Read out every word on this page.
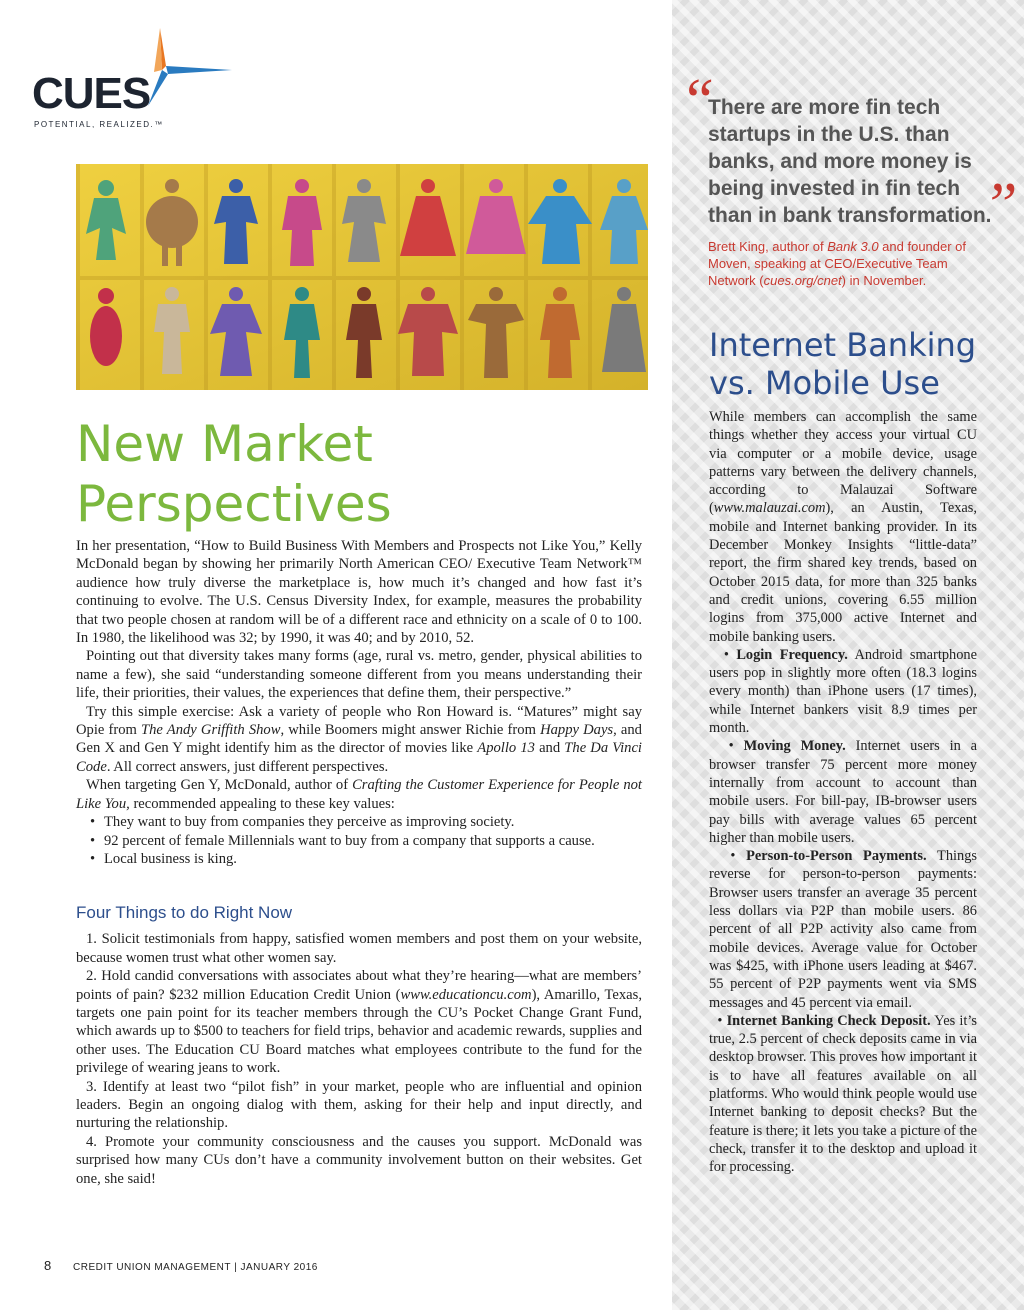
CUES
POTENTIAL, REALIZED.™
New Market
Perspectives

In her presentation, “How to Build Business With Members and Prospects not Like You,” Kelly McDonald began by showing her primarily North American CEO/ Executive Team Network™ audience how truly diverse the marketplace is, how much it’s changed and how fast it’s continuing to evolve. The U.S. Census Diversity Index, for example, measures the probability that two people chosen at random will be of a different race and ethnicity on a scale of 0 to 100. In 1980, the likelihood was 32; by 1990, it was 40; and by 2010, 52.

Pointing out that diversity takes many forms (age, rural vs. metro, gender, physical abilities to name a few), she said “understanding someone different from you means understanding their life, their priorities, their values, the experiences that define them, their perspective.”

Try this simple exercise: Ask a variety of people who Ron Howard is. “Matures” might say Opie from The Andy Griffith Show, while Boomers might answer Richie from Happy Days, and Gen X and Gen Y might identify him as the director of movies like Apollo 13 and The Da Vinci Code. All correct answers, just different perspectives.

When targeting Gen Y, McDonald, author of Crafting the Customer Experience for People not Like You, recommended appealing to these key values:

• They want to buy from companies they perceive as improving society.
• 92 percent of female Millennials want to buy from a company that supports a cause.
• Local business is king.
Four Things to do Right Now

1. Solicit testimonials from happy, satisfied women members and post them on your website, because women trust what other women say.

2. Hold candid conversations with associates about what they’re hearing—what are members’ points of pain? $232 million Education Credit Union (www.educationcu.com), Amarillo, Texas, targets one pain point for its teacher members through the CU’s Pocket Change Grant Fund, which awards up to $500 to teachers for field trips, behavior and academic rewards, supplies and other uses. The Education CU Board matches what employees contribute to the fund for the privilege of wearing jeans to work.

3. Identify at least two “pilot fish” in your market, people who are influential and opinion leaders. Begin an ongoing dialog with them, asking for their help and input directly, and nurturing the relationship.

4. Promote your community consciousness and the causes you support. McDonald was surprised how many CUs don’t have a community involvement button on their websites. Get one, she said!

“
There are more fin tech startups in the U.S. than banks, and more money is being invested in fin tech than in bank transformation.
”
Brett King, author of Bank 3.0 and founder of Moven, speaking at CEO/Executive Team Network (cues.org/cnet) in November.
Internet Banking
vs. Mobile Use

While members can accomplish the same things whether they access your virtual CU via computer or a mobile device, usage patterns vary between the delivery channels, according to Malauzai Software (www.malauzai.com), an Austin, Texas, mobile and Internet banking provider. In its December Monkey Insights “little-data” report, the firm shared key trends, based on October 2015 data, for more than 325 banks and credit unions, covering 6.55 million logins from 375,000 active Internet and mobile banking users.

• Login Frequency. Android smartphone users pop in slightly more often (18.3 logins every month) than iPhone users (17 times), while Internet bankers visit 8.9 times per month.

• Moving Money. Internet users in a browser transfer 75 percent more money internally from account to account than mobile users. For bill-pay, IB-browser users pay bills with average values 65 percent higher than mobile users.

• Person-to-Person Payments. Things reverse for person-to-person payments: Browser users transfer an average 35 percent less dollars via P2P than mobile users. 86 percent of all P2P activity also came from mobile devices. Average value for October was $425, with iPhone users leading at $467. 55 percent of P2P payments went via SMS messages and 45 percent via email.

• Internet Banking Check Deposit. Yes it’s true, 2.5 percent of check deposits came in via desktop browser. This proves how important it is to have all features available on all platforms. Who would think people would use Internet banking to deposit checks? But the feature is there; it lets you take a picture of the check, transfer it to the desktop and upload it for processing.

8 CREDIT UNION MANAGEMENT | JANUARY 2016
